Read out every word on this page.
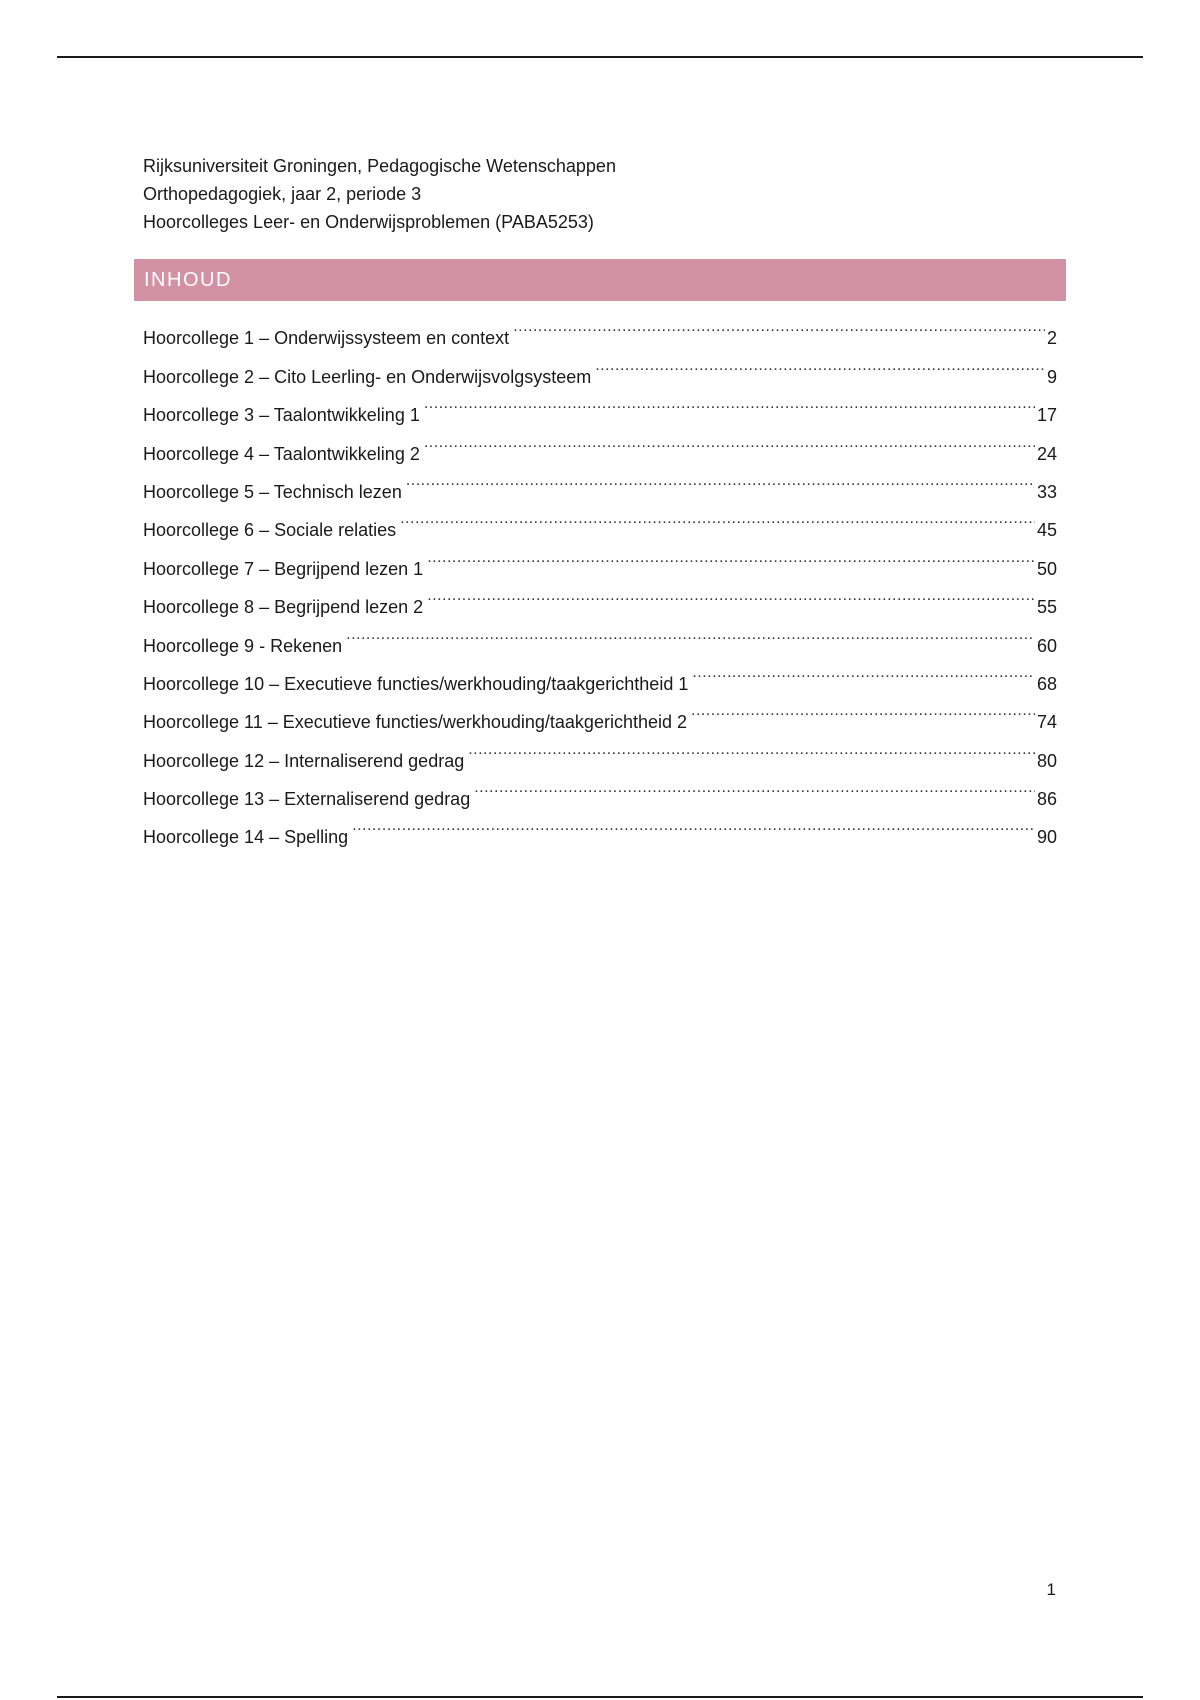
Rijksuniversiteit Groningen, Pedagogische Wetenschappen
Orthopedagogiek, jaar 2, periode 3
Hoorcolleges Leer- en Onderwijsproblemen (PABA5253)
INHOUD
Hoorcollege 1 – Onderwijssysteem en context .....	2
Hoorcollege 2 – Cito Leerling- en Onderwijsvolgsysteem .....	9
Hoorcollege 3 – Taalontwikkeling 1 .....	17
Hoorcollege 4 – Taalontwikkeling 2 .....	24
Hoorcollege 5 – Technisch lezen .....	33
Hoorcollege 6 – Sociale relaties .....	45
Hoorcollege 7 – Begrijpend lezen 1 .....	50
Hoorcollege 8 – Begrijpend lezen 2 .....	55
Hoorcollege 9 - Rekenen .....	60
Hoorcollege 10 – Executieve functies/werkhouding/taakgerichtheid 1 .....	68
Hoorcollege 11 – Executieve functies/werkhouding/taakgerichtheid 2 .....	74
Hoorcollege 12 – Internaliserend gedrag .....	80
Hoorcollege 13 – Externaliserend gedrag .....	86
Hoorcollege 14 – Spelling .....	90
1
